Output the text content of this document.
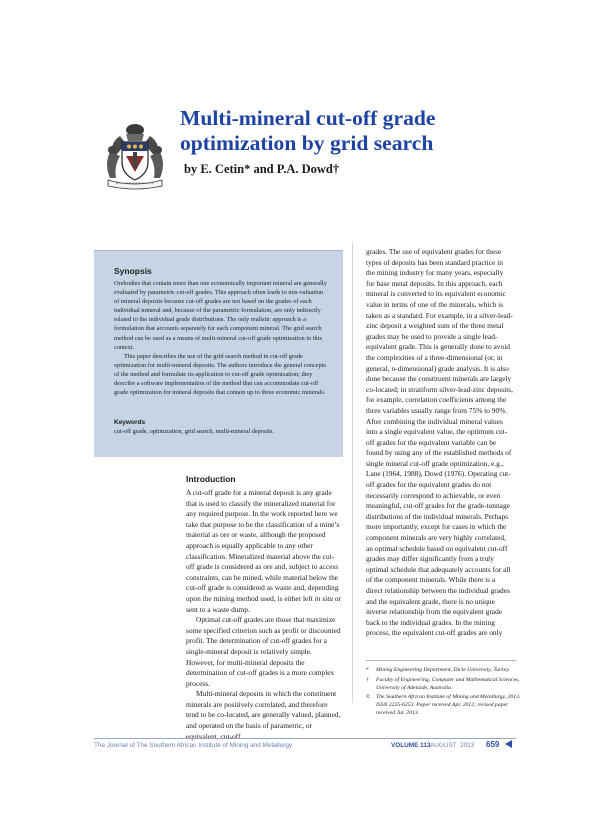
Multi-mineral cut-off grade optimization by grid search
by E. Cetin* and P.A. Dowd†
Synopsis

Orebodies that contain more than one economically important mineral are generally evaluated by parametric cut-off grades. This approach often leads to mis-valuation of mineral deposits because cut-off grades are not based on the grades of each individual mineral and, because of the parametric formulation, are only indirectly related to the individual grade distributions. The only realistic approach is a formulation that accounts separately for each component mineral. The grid search method can be used as a means of multi-mineral cut-off grade optimization in this context.

This paper describes the use of the grid search method in cut-off grade optimization for multi-mineral deposits. The authors introduce the general concepts of the method and formulate its application to cut-off grade optimization; they describe a software implementation of the method that can accommodate cut-off grade optimization for mineral deposits that contain up to three economic minerals.

Keywords
cut-off grade, optimization, grid search, multi-mineral deposits.
Introduction

A cut-off grade for a mineral deposit is any grade that is used to classify the mineralized material for any required purpose. In the work reported here we take that purpose to be the classification of a mine’s material as ore or waste, although the proposed approach is equally applicable to any other classification. Mineralized material above the cut-off grade is considered as ore and, subject to access constraints, can be mined, while material below the cut-off grade is considered as waste and, depending upon the mining method used, is either left in situ or sent to a waste dump.

Optimal cut-off grades are those that maximize some specified criterion such as profit or discounted profit. The determination of cut-off grades for a single-mineral deposit is relatively simple. However, for multi-mineral deposits the determination of cut-off grades is a more complex process.

Multi-mineral deposits in which the constituent minerals are positively correlated, and therefore tend to be co-located, are generally valued, planned, and operated on the basis of parametric, or equivalent, cut-off

grades. The use of equivalent grades for these types of deposits has been standard practice in the mining industry for many years, especially for base metal deposits. In this approach, each mineral is converted to its equivalent economic value in terms of one of the minerals, which is taken as a standard. For example, in a silver-lead-zinc deposit a weighted sum of the three metal grades may be used to provide a single lead-equivalent grade. This is generally done to avoid the complexities of a three-dimensional (or, in general, n-dimensional) grade analysis. It is also done because the constituent minerals are largely co-located; in stratiform silver-lead-zinc deposits, for example, correlation coefficients among the three variables usually range from 75% to 90%. After combining the individual mineral values into a single equivalent value, the optimum cut-off grades for the equivalent variable can be found by using any of the established methods of single mineral cut-off grade optimization, e.g., Lane (1964, 1988), Dowd (1976). Operating cut-off grades for the equivalent grades do not necessarily correspond to achievable, or even meaningful, cut-off grades for the grade-tonnage distributions of the individual minerals. Perhaps more importantly, except for cases in which the component minerals are very highly correlated, an optimal schedule based on equivalent cut-off grades may differ significantly from a truly optimal schedule that adequately accounts for all of the component minerals. While there is a direct relationship between the individual grades and the equivalent grade, there is no unique inverse relationship from the equivalent grade back to the individual grades. In the mining process, the equivalent cut-off grades are only

* Mining Engineering Department, Dicle University, Turkey.
† Faculty of Engineering, Computer and Mathematical Sciences, University of Adelaide, Australia.
© The Southern African Institute of Mining and Metallurgy, 2013. ISSN 2225-6253. Paper received Apr. 2012; revised paper received Jul. 2013.
The Journal of The Southern African Institute of Mining and Metallurgy	VOLUME 113 AUGUST  2013 659
